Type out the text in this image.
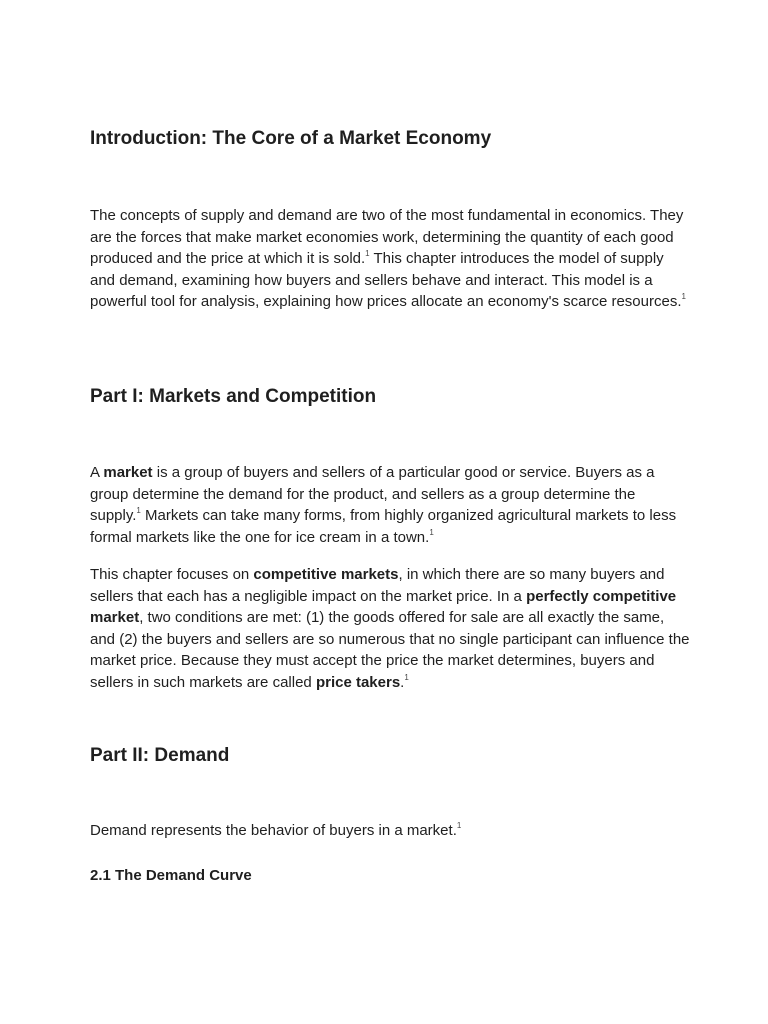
Introduction: The Core of a Market Economy

The concepts of supply and demand are two of the most fundamental in economics. They are the forces that make market economies work, determining the quantity of each good produced and the price at which it is sold.$^1$ This chapter introduces the model of supply and demand, examining how buyers and sellers behave and interact. This model is a powerful tool for analysis, explaining how prices allocate an economy's scarce resources.$^1$

Part I: Markets and Competition

A market is a group of buyers and sellers of a particular good or service. Buyers as a group determine the demand for the product, and sellers as a group determine the supply.$^1$ Markets can take many forms, from highly organized agricultural markets to less formal markets like the one for ice cream in a town.$^1$

This chapter focuses on competitive markets, in which there are so many buyers and sellers that each has a negligible impact on the market price. In a perfectly competitive market, two conditions are met: (1) the goods offered for sale are all exactly the same, and (2) the buyers and sellers are so numerous that no single participant can influence the market price. Because they must accept the price the market determines, buyers and sellers in such markets are called price takers.$^1$

Part II: Demand

Demand represents the behavior of buyers in a market.$^1$

2.1 The Demand Curve
